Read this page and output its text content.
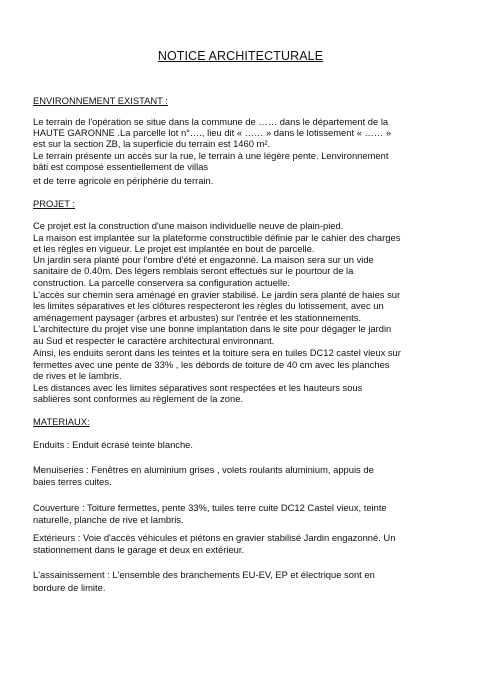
NOTICE ARCHITECTURALE
ENVIRONNEMENT EXISTANT :
Le terrain de l'opération se situe dans la commune de …… dans le département de la
HAUTE GARONNE .La parcelle lot n°…., lieu dit « …… » dans le lotissement « …… »
est sur la section ZB, la superficie du terrain est 1460 m².
Le terrain présente un accès sur la rue, le terrain à une légère pente. Lenvironnement
bâti est composé essentiellement de villas
et de terre agricole en périphérie du terrain.
PROJET :
Ce projet est la construction d'une maison individuelle neuve de plain-pied.
La maison est implantée sur la plateforme constructible définie par le cahier des charges
et les règles en vigueur. Le projet est implantée en bout de parcelle.
Un jardin sera planté pour l'ombre d'été et engazonné. La maison sera sur un vide
sanitaire de 0.40m. Des légers remblais seront effectués sur le pourtour de la
construction. La parcelle conservera sa configuration actuelle.
L'accès sur chemin sera aménagé en gravier stabilisé. Le jardin sera planté de haies sur
les limites séparatives et les clôtures respecteront les règles du lotissement, avec un
aménagement paysager (arbres et arbustes) sur l'entrée et les stationnements.
L'architecture du projet vise une bonne implantation dans le site pour dégager le jardin
au Sud et respecter le caractère architectural environnant.
Ainsi, les enduits seront dans les teintes et la toiture sera en tuiles DC12 castel vieux sur
fermettes avec une pente de 33% , les débords de toiture de 40 cm avec les planches
de rives et le lambris.
Les distances avec les limites séparatives sont respectées et les hauteurs sous
sablières sont conformes au règlement de la zone.
MATERIAUX:
Enduits : Enduit écrasé teinte blanche.
Menuiseries : Fenêtres en aluminium grises , volets roulants aluminium, appuis de
baies terres cuites.
Couverture : Toiture fermettes, pente 33%, tuiles terre cuite DC12 Castel vieux, teinte
naturelle, planche de rive et lambris.
Extérieurs : Voie d'accès véhicules et piétons en gravier stabilisé Jardin engazonné. Un
stationnement dans le garage et deux en extérieur.
L'assainissement : L'ensemble des branchements EU-EV, EP et électrique sont en
bordure de limite.
